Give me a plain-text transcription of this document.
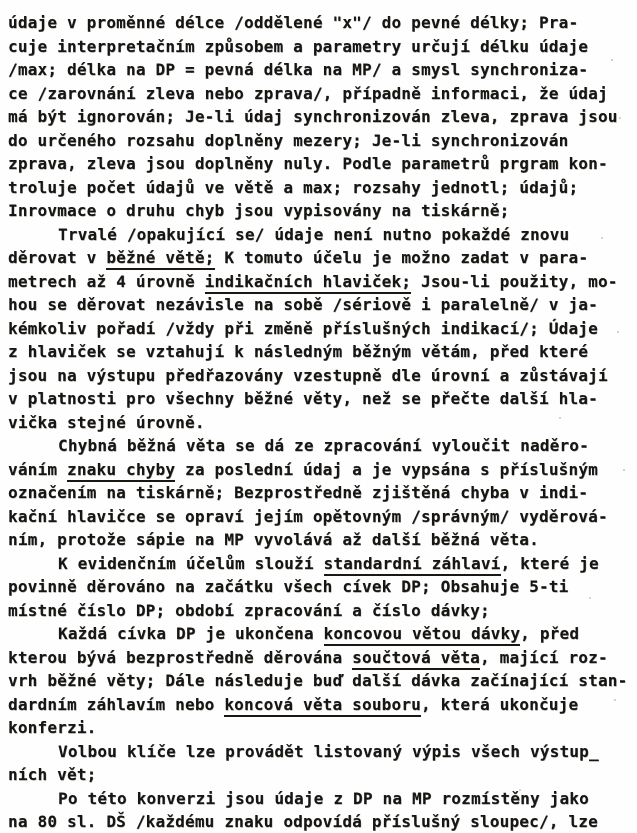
údaje v proměnné délce /oddělené "x"/ do pevné délky; Pra-
cuje interpretačním způsobem a parametry určují délku údaje
/max; délka na DP = pevná délka na MP/ a smysl synchroniza-
ce /zarovnání zleva nebo zprava/, případně informaci, že údaj
má být ignorován; Je-li údaj synchronizován zleva, zprava jsou
do určeného rozsahu doplněny mezery; Je-li synchronizován
zprava, zleva jsou doplněny nuly. Podle parametrů prgram kon-
troluje počet údajů ve větě a max; rozsahy jednotl; údajů;
Inrovmace o druhu chyb jsou vypisovány na tiskárně;
Trvalé /opakující se/ údaje není nutno pokaždé znovu
děrovat v běžné větě; K tomuto účelu je možno zadat v para-
metrech až 4 úrovně indikačních hlaviček; Jsou-li použity, mo-
hou se děrovat nezávisle na sobě /sériově i paralelně/ v ja-
kémkoliv pořadí /vždy při změně příslušných indikací/; Údaje
z hlaviček se vztahují k následným běžným větám, před které
jsou na výstupu předřazovány vzestupně dle úrovní a zůstávají
v platnosti pro všechny běžné věty, než se přečte další hla-
vička stejné úrovně.
Chybná běžná věta se dá ze zpracování vyloučit naděro-
váním znaku chyby za poslední údaj a je vypsána s příslušným
označením na tiskárně; Bezprostředně zjištěná chyba v indi-
kační hlavičce se opraví jejím opětovným /správným/ vyděrová-
ním, protože sápie na MP vyvolává až další běžná věta.
K evidenčním účelům slouží standardní záhlaví, které je
povinně děrováno na začátku všech cívek DP; Obsahuje 5-ti
místné číslo DP; období zpracování a číslo dávky;
Každá cívka DP je ukončena koncovou větou dávky, před
kterou bývá bezprostředně děrována součtová věta, mající roz-
vrh běžné věty; Dále následuje buď další dávka začínající stan-
dardním záhlavím nebo koncová věta souboru, která ukončuje
konferzi.
Volbou klíče lze provádět listovaný výpis všech výstup_
ních vět;
Po této konverzi jsou údaje z DP na MP rozmístěny jako
na 80 sl. DŠ /každému znaku odpovídá příslušný sloupec/, lze
